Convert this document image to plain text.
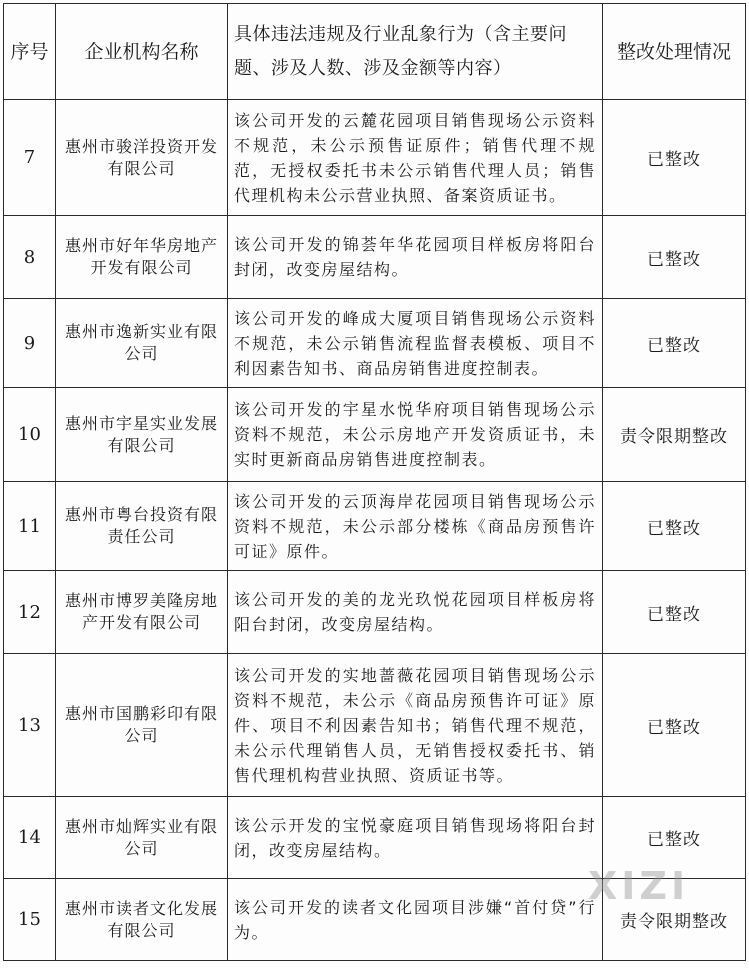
序号	企业机构名称	具体违法违规及行业乱象行为（含主要问题、涉及人数、涉及金额等内容）	整改处理情况
7	惠州市骏洋投资开发有限公司	该公司开发的云麓花园项目销售现场公示资料不规范，未公示预售证原件；销售代理不规范，无授权委托书未公示销售代理人员；销售代理机构未公示营业执照、备案资质证书。	已整改
8	惠州市好年华房地产开发有限公司	该公司开发的锦荟年华花园项目样板房将阳台封闭，改变房屋结构。	已整改
9	惠州市逸新实业有限公司	该公司开发的峰成大厦项目销售现场公示资料不规范，未公示销售流程监督表模板、项目不利因素告知书、商品房销售进度控制表。	已整改
10	惠州市宇星实业发展有限公司	该公司开发的宇星水悦华府项目销售现场公示资料不规范，未公示房地产开发资质证书，未实时更新商品房销售进度控制表。	责令限期整改
11	惠州市粤台投资有限责任公司	该公司开发的云顶海岸花园项目销售现场公示资料不规范，未公示部分楼栋《商品房预售许可证》原件。	已整改
12	惠州市博罗美隆房地产开发有限公司	该公司开发的美的龙光玖悦花园项目样板房将阳台封闭，改变房屋结构。	已整改
13	惠州市国鹏彩印有限公司	该公司开发的实地蔷薇花园项目销售现场公示资料不规范，未公示《商品房预售许可证》原件、项目不利因素告知书；销售代理不规范，未公示代理销售人员，无销售授权委托书、销售代理机构营业执照、资质证书等。	已整改
14	惠州市灿辉实业有限公司	该公示开发的宝悦豪庭项目销售现场将阳台封闭，改变房屋结构。	已整改
15	惠州市读者文化发展有限公司	该公司开发的读者文化园项目涉嫌“首付贷”行为。	责令限期整改
XIZI
